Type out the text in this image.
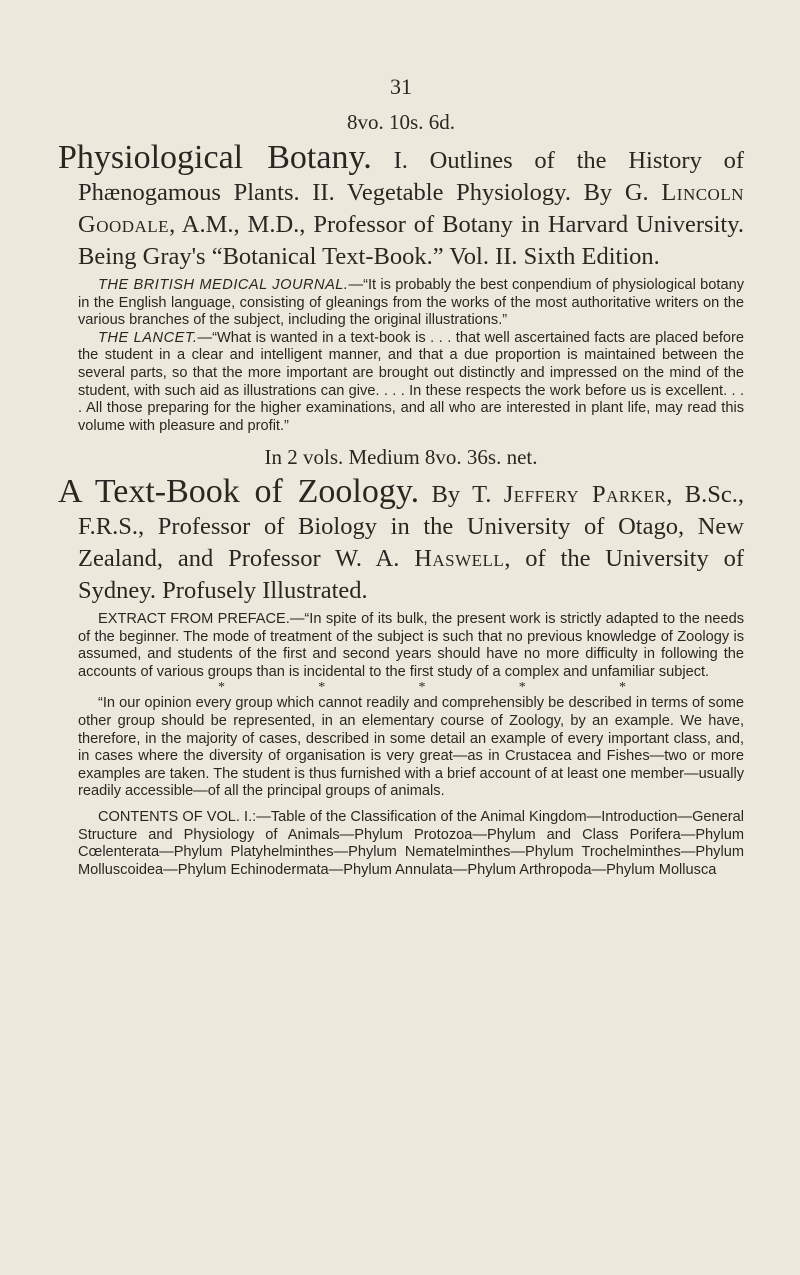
31
8vo. 10s. 6d.

Physiological Botany. I. Outlines of the History of Phænogamous Plants. II. Vegetable Physiology. By G. Lincoln Goodale, A.M., M.D., Professor of Botany in Harvard University. Being Gray's “Botanical Text-Book.” Vol. II. Sixth Edition.

THE BRITISH MEDICAL JOURNAL.—“It is probably the best conpendium of physiological botany in the English language, consisting of gleanings from the works of the most authoritative writers on the various branches of the subject, including the original illustrations.”

THE LANCET.—“What is wanted in a text-book is . . . that well ascertained facts are placed before the student in a clear and intelligent manner, and that a due proportion is maintained between the several parts, so that the more important are brought out distinctly and impressed on the mind of the student, with such aid as illustrations can give. . . . In these respects the work before us is excellent. . . . All those preparing for the higher examinations, and all who are interested in plant life, may read this volume with pleasure and profit.”

In 2 vols. Medium 8vo. 36s. net.

A Text-Book of Zoology. By T. Jeffery Parker, B.Sc., F.R.S., Professor of Biology in the University of Otago, New Zealand, and Professor W. A. Haswell, of the University of Sydney. Profusely Illustrated.

EXTRACT FROM PREFACE.—“In spite of its bulk, the present work is strictly adapted to the needs of the beginner. The mode of treatment of the subject is such that no previous knowledge of Zoology is assumed, and students of the first and second years should have no more difficulty in following the accounts of various groups than is incidental to the first study of a complex and unfamiliar subject.

*	*	*	*	*

“In our opinion every group which cannot readily and comprehensibly be described in terms of some other group should be represented, in an elementary course of Zoology, by an example. We have, therefore, in the majority of cases, described in some detail an example of every important class, and, in cases where the diversity of organisation is very great—as in Crustacea and Fishes—two or more examples are taken. The student is thus furnished with a brief account of at least one member—usually readily accessible—of all the principal groups of animals.

CONTENTS OF VOL. I.:—Table of the Classification of the Animal Kingdom—Introduction—General Structure and Physiology of Animals—Phylum Protozoa—Phylum and Class Porifera—Phylum Cœlenterata—Phylum Platyhelminthes—Phylum Nematelminthes—Phylum Trochelminthes—Phylum Molluscoidea—Phylum Echinodermata—Phylum Annulata—Phylum Arthropoda—Phylum Mollusca
